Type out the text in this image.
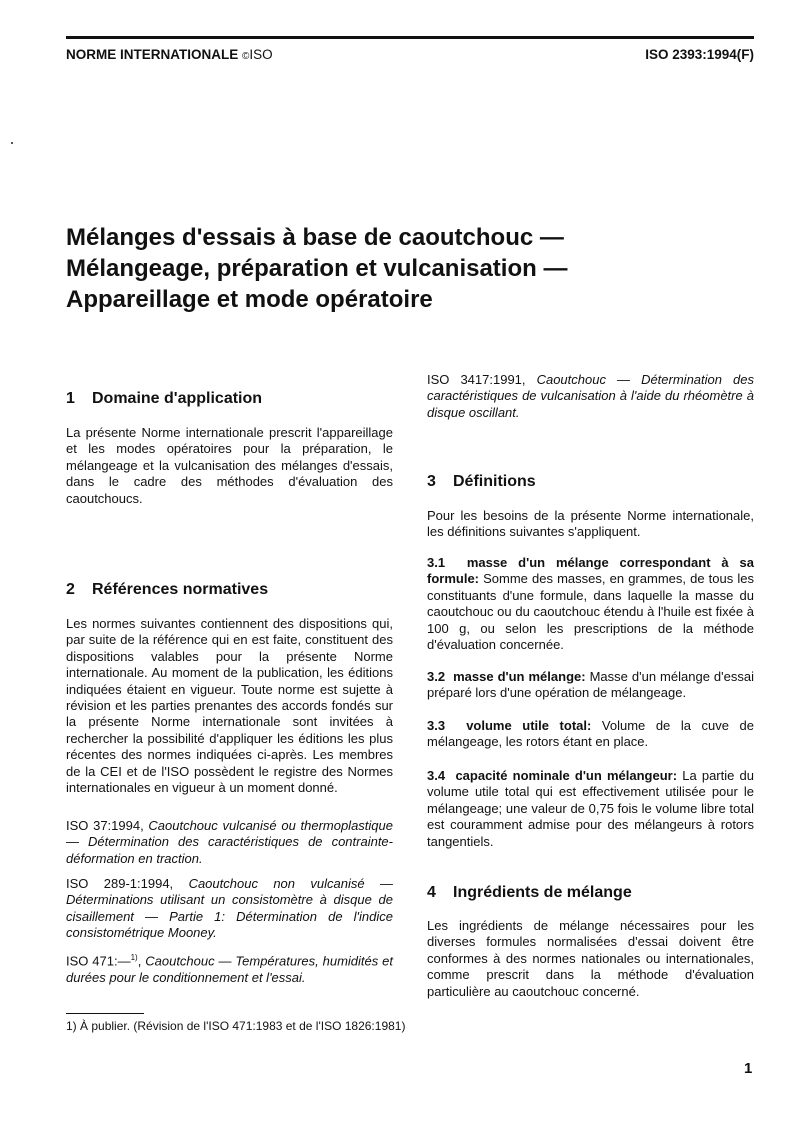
NORME INTERNATIONALE ©ISO	ISO 2393:1994(F)
Mélanges d'essais à base de caoutchouc —
Mélangeage, préparation et vulcanisation —
Appareillage et mode opératoire
1 Domaine d'application
La présente Norme internationale prescrit l'appareillage et les modes opératoires pour la préparation, le mélangeage et la vulcanisation des mélanges d'essais, dans le cadre des méthodes d'évaluation des caoutchoucs.
2 Références normatives
Les normes suivantes contiennent des dispositions qui, par suite de la référence qui en est faite, constituent des dispositions valables pour la présente Norme internationale. Au moment de la publication, les éditions indiquées étaient en vigueur. Toute norme est sujette à révision et les parties prenantes des accords fondés sur la présente Norme internationale sont invitées à rechercher la possibilité d'appliquer les éditions les plus récentes des normes indiquées ci-après. Les membres de la CEI et de l'ISO possèdent le registre des Normes internationales en vigueur à un moment donné.
ISO 37:1994, Caoutchouc vulcanisé ou thermoplastique — Détermination des caractéristiques de contrainte-déformation en traction.
ISO 289-1:1994, Caoutchouc non vulcanisé — Déterminations utilisant un consistomètre à disque de cisaillement — Partie 1: Détermination de l'indice consistométrique Mooney.
ISO 471:—$^{1)}$, Caoutchouc — Températures, humidités et durées pour le conditionnement et l'essai.
1) À publier. (Révision de l'ISO 471:1983 et de l'ISO 1826:1981)
ISO 3417:1991, Caoutchouc — Détermination des caractéristiques de vulcanisation à l'aide du rhéomètre à disque oscillant.
3 Définitions
Pour les besoins de la présente Norme internationale, les définitions suivantes s'appliquent.
3.1 masse d'un mélange correspondant à sa formule: Somme des masses, en grammes, de tous les constituants d'une formule, dans laquelle la masse du caoutchouc ou du caoutchouc étendu à l'huile est fixée à 100 g, ou selon les prescriptions de la méthode d'évaluation concernée.
3.2 masse d'un mélange: Masse d'un mélange d'essai préparé lors d'une opération de mélangeage.
3.3 volume utile total: Volume de la cuve de mélangeage, les rotors étant en place.
3.4 capacité nominale d'un mélangeur: La partie du volume utile total qui est effectivement utilisée pour le mélangeage; une valeur de 0,75 fois le volume libre total est couramment admise pour des mélangeurs à rotors tangentiels.
4 Ingrédients de mélange
Les ingrédients de mélange nécessaires pour les diverses formules normalisées d'essai doivent être conformes à des normes nationales ou internationales, comme prescrit dans la méthode d'évaluation particulière au caoutchouc concerné.
1
